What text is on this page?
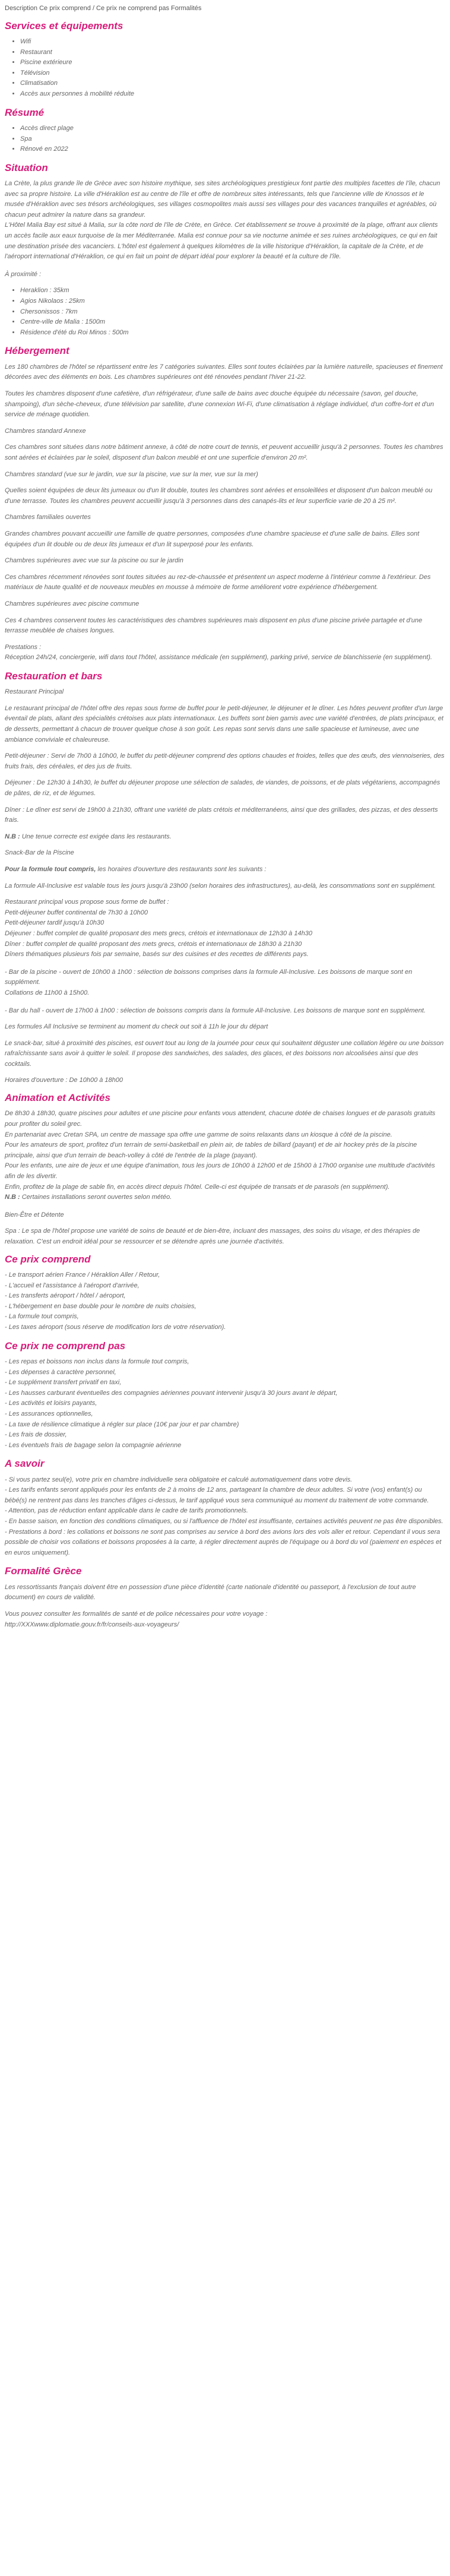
Description Ce prix comprend / Ce prix ne comprend pas Formalités
Services et équipements
• Wifi
• Restaurant
• Piscine extérieure
• Télévision
• Climatisation
• Accès aux personnes à mobilité réduite
Résumé
• Accès direct plage
• Spa
• Rénové en 2022
Situation
La Crète, la plus grande île de Grèce avec son histoire mythique, ses sites archéologiques prestigieux font partie des multiples facettes de l'île, chacun avec sa propre histoire. La ville d'Héraklion est au centre de l'île et offre de nombreux sites intéressants, tels que l'ancienne ville de Knossos et le musée d'Héraklion avec ses trésors archéologiques, ses villages cosmopolites mais aussi ses villages pour des vacances tranquilles et agréables, où chacun peut admirer la nature dans sa grandeur.
L'Hôtel Malia Bay est situé à Malia, sur la côte nord de l'île de Crète, en Grèce. Cet établissement se trouve à proximité de la plage, offrant aux clients un accès facile aux eaux turquoise de la mer Méditerranée. Malia est connue pour sa vie nocturne animée et ses ruines archéologiques, ce qui en fait une destination prisée des vacanciers. L'hôtel est également à quelques kilomètres de la ville historique d'Héraklion, la capitale de la Crète, et de l'aéroport international d'Héraklion, ce qui en fait un point de départ idéal pour explorer la beauté et la culture de l'île.

À proximité :

• Heraklion : 35km
• Agios Nikolaos : 25km
• Chersonissos : 7km
• Centre-ville de Malia : 1500m
• Résidence d'été du Roi Minos : 500m
Hébergement

Les 180 chambres de l'hôtel se répartissent entre les 7 catégories suivantes. Elles sont toutes éclairées par la lumière naturelle, spacieuses et finement décorées avec des éléments en bois. Les chambres supérieures ont été rénovées pendant l'hiver 21-22.

Toutes les chambres disposent d'une cafetière, d'un réfrigérateur, d'une salle de bains avec douche équipée du nécessaire (savon, gel douche, shampoing), d'un sèche-cheveux, d'une télévision par satellite, d'une connexion Wi-Fi, d'une climatisation à réglage individuel, d'un coffre-fort et d'un service de ménage quotidien.

Chambres standard Annexe

Ces chambres sont situées dans notre bâtiment annexe, à côté de notre court de tennis, et peuvent accueillir jusqu'à 2 personnes. Toutes les chambres sont aérées et éclairées par le soleil, disposent d'un balcon meublé et ont une superficie d'environ 20 m².

Chambres standard (vue sur le jardin, vue sur la piscine, vue sur la mer, vue sur la mer)

Quelles soient équipées de deux lits jumeaux ou d'un lit double, toutes les chambres sont aérées et ensoleillées et disposent d'un balcon meublé ou d'une terrasse. Toutes les chambres peuvent accueillir jusqu'à 3 personnes dans des canapés-lits et leur superficie varie de 20 à 25 m².

Chambres familiales ouvertes

Grandes chambres pouvant accueillir une famille de quatre personnes, composées d'une chambre spacieuse et d'une salle de bains. Elles sont équipées d'un lit double ou de deux lits jumeaux et d'un lit superposé pour les enfants.

Chambres supérieures avec vue sur la piscine ou sur le jardin

Ces chambres récemment rénovées sont toutes situées au rez-de-chaussée et présentent un aspect moderne à l'intérieur comme à l'extérieur. Des matériaux de haute qualité et de nouveaux meubles en mousse à mémoire de forme améliorent votre expérience d'hébergement.

Chambres supérieures avec piscine commune

Ces 4 chambres conservent toutes les caractéristiques des chambres supérieures mais disposent en plus d'une piscine privée partagée et d'une terrasse meublée de chaises longues.

Prestations :
Réception 24h/24, conciergerie, wifi dans tout l'hôtel, assistance médicale (en supplément), parking privé, service de blanchisserie (en supplément).
Restauration et bars

Restaurant Principal

Le restaurant principal de l'hôtel offre des repas sous forme de buffet pour le petit-déjeuner, le déjeuner et le dîner. Les hôtes peuvent profiter d'un large éventail de plats, allant des spécialités crétoises aux plats internationaux. Les buffets sont bien garnis avec une variété d'entrées, de plats principaux, et de desserts, permettant à chacun de trouver quelque chose à son goût. Les repas sont servis dans une salle spacieuse et lumineuse, avec une ambiance conviviale et chaleureuse.

Petit-déjeuner : Servi de 7h00 à 10h00, le buffet du petit-déjeuner comprend des options chaudes et froides, telles que des œufs, des viennoiseries, des fruits frais, des céréales, et des jus de fruits.

Déjeuner : De 12h30 à 14h30, le buffet du déjeuner propose une sélection de salades, de viandes, de poissons, et de plats végétariens, accompagnés de pâtes, de riz, et de légumes.

Dîner : Le dîner est servi de 19h00 à 21h30, offrant une variété de plats crétois et méditerranéens, ainsi que des grillades, des pizzas, et des desserts frais.

N.B : Une tenue correcte est exigée dans les restaurants.

Snack-Bar de la Piscine

Pour la formule tout compris, les horaires d'ouverture des restaurants sont les suivants :

La formule All-Inclusive est valable tous les jours jusqu'à 23h00 (selon horaires des infrastructures), au-delà, les consommations sont en supplément.

Restaurant principal vous propose sous forme de buffet :
Petit-déjeuner buffet continental de 7h30 à 10h00
Petit-déjeuner tardif jusqu'à 10h30
Déjeuner : buffet complet de qualité proposant des mets grecs, crétois et internationaux de 12h30 à 14h30
Dîner : buffet complet de qualité proposant des mets grecs, crétois et internationaux de 18h30 à 21h30
Dîners thématiques plusieurs fois par semaine, basés sur des cuisines et des recettes de différents pays.
- Bar de la piscine - ouvert de 10h00 à 1h00 : sélection de boissons comprises dans la formule All-Inclusive. Les boissons de marque sont en supplément.
Collations de 11h00 à 15h00.

- Bar du hall - ouvert de 17h00 à 1h00 : sélection de boissons compris dans la formule All-Inclusive. Les boissons de marque sont en supplément.

Les formules All Inclusive se terminent au moment du check out soit à 11h le jour du départ

Le snack-bar, situé à proximité des piscines, est ouvert tout au long de la journée pour ceux qui souhaitent déguster une collation légère ou une boisson rafraîchissante sans avoir à quitter le soleil. Il propose des sandwiches, des salades, des glaces, et des boissons non alcoolisées ainsi que des cocktails.

Horaires d'ouverture : De 10h00 à 18h00

Animation et Activités
De 8h30 à 18h30, quatre piscines pour adultes et une piscine pour enfants vous attendent, chacune dotée de chaises longues et de parasols gratuits pour profiter du soleil grec.
En partenariat avec Cretan SPA, un centre de massage spa offre une gamme de soins relaxants dans un kiosque à côté de la piscine.
Pour les amateurs de sport, profitez d'un terrain de semi-basketball en plein air, de tables de billard (payant) et de air hockey près de la piscine principale, ainsi que d'un terrain de beach-volley à côté de l'entrée de la plage (payant).
Pour les enfants, une aire de jeux et une équipe d'animation, tous les jours de 10h00 à 12h00 et de 15h00 à 17h00 organise une multitude d'activités afin de les divertir.
Enfin, profitez de la plage de sable fin, en accès direct depuis l'hôtel. Celle-ci est équipée de transats et de parasols (en supplément).
N.B : Certaines installations seront ouvertes selon météo.

Bien-Être et Détente

Spa : Le spa de l'hôtel propose une variété de soins de beauté et de bien-être, incluant des massages, des soins du visage, et des thérapies de relaxation. C'est un endroit idéal pour se ressourcer et se détendre après une journée d'activités.

Ce prix comprend
- Le transport aérien France / Héraklion Aller / Retour,
- L'accueil et l'assistance à l'aéroport d'arrivée,
- Les transferts aéroport / hôtel / aéroport,
- L'hébergement en base double pour le nombre de nuits choisies,
- La formule tout compris,
- Les taxes aéroport (sous réserve de modification lors de votre réservation).
Ce prix ne comprend pas
- Les repas et boissons non inclus dans la formule tout compris,
- Les dépenses à caractère personnel,
- Le supplément transfert privatif en taxi,
- Les hausses carburant éventuelles des compagnies aériennes pouvant intervenir jusqu'à 30 jours avant le départ,
- Les activités et loisirs payants,
- Les assurances optionnelles,
- La taxe de résilience climatique à régler sur place (10€ par jour et par chambre)
- Les frais de dossier,
- Les éventuels frais de bagage selon la compagnie aérienne
A savoir
- Si vous partez seul(e), votre prix en chambre individuelle sera obligatoire et calculé automatiquement dans votre devis.
- Les tarifs enfants seront appliqués pour les enfants de 2 à moins de 12 ans, partageant la chambre de deux adultes. Si votre (vos) enfant(s) ou bébé(s) ne rentrent pas dans les tranches d'âges ci-dessus, le tarif appliqué vous sera communiqué au moment du traitement de votre commande.
- Attention, pas de réduction enfant applicable dans le cadre de tarifs promotionnels.
- En basse saison, en fonction des conditions climatiques, ou si l'affluence de l'hôtel est insuffisante, certaines activités peuvent ne pas être disponibles.
- Prestations à bord : les collations et boissons ne sont pas comprises au service à bord des avions lors des vols aller et retour. Cependant il vous sera possible de choisir vos collations et boissons proposées à la carte, à régler directement auprès de l'équipage ou à bord du vol (paiement en espèces et en euros uniquement).
Formalité Grèce

Les ressortissants français doivent être en possession d'une pièce d'identité (carte nationale d'identité ou passeport, à l'exclusion de tout autre document) en cours de validité.

Vous pouvez consulter les formalités de santé et de police nécessaires pour votre voyage :
http://XXXwww.diplomatie.gouv.fr/fr/conseils-aux-voyageurs/
